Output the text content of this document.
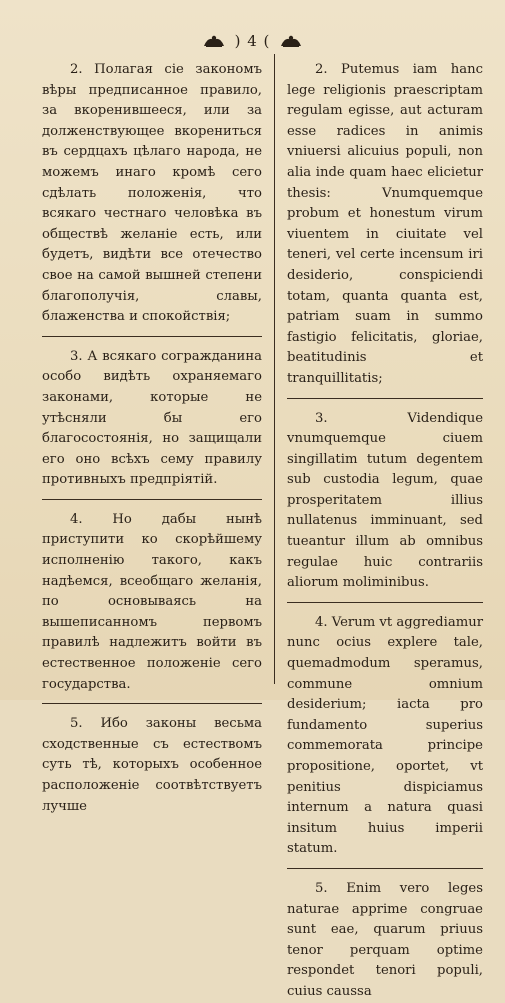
) 4 (

2. Полагая сіе закономъ вѣры предписанное правило, за вкоренившееся, или за долженствующее вкорениться въ сердцахъ цѣлаго народа, не можемъ инаго кромѣ сего сдѣлать положенія, что всякаго честнаго человѣка въ обществѣ желаніе есть, или будетъ, видѣти все отечество свое на самой вышней степени благополучія, славы, блаженства и спокойствія;

3. А всякаго согражданина особо видѣть охраняемаго законами, которые не утѣсняли бы его благосостоянія, но защищали его оно всѣхъ сему правилу противныхъ предпріятій.

4. Но дабы нынѣ приступити ко скорѣйшему исполненію такого, какъ надѣемся, всеобщаго желанія, по основываясь на вышеписанномъ первомъ правилѣ надлежитъ войти въ естественное положеніе сего государства.

5. Ибо законы весьма сходственные съ естествомъ суть тѣ, которыхъ особенное расположеніе соотвѣтствуетъ лучше

2. Putemus iam hanc lege religionis praescriptam regulam egisse, aut acturam esse radices in animis vniuersi alicuius populi, non alia inde quam haec elicietur thesis: Vnumquemque probum et honestum virum viuentem in ciuitate vel teneri, vel certe incensum iri desiderio, conspiciendi totam, quanta quanta est, patriam suam in summo fastigio felicitatis, gloriae, beatitudinis et tranquillitatis;

3. Videndique vnumquemque ciuem singillatim tutum degentem sub custodia legum, quae prosperitatem illius nullatenus imminuant, sed tueantur illum ab omnibus regulae huic contrariis aliorum moliminibus.

4. Verum vt aggrediamur nunc ocius explere tale, quemadmodum speramus, commune omnium desiderium; iacta pro fundamento superius commemorata principe propositione, oportet, vt penitius dispiciamus internum a natura quasi insitum huius imperii statum.

5. Enim vero leges naturae apprime congruae sunt eae, quarum priuus tenor perquam optime respondet tenori populi, cuius caussa
